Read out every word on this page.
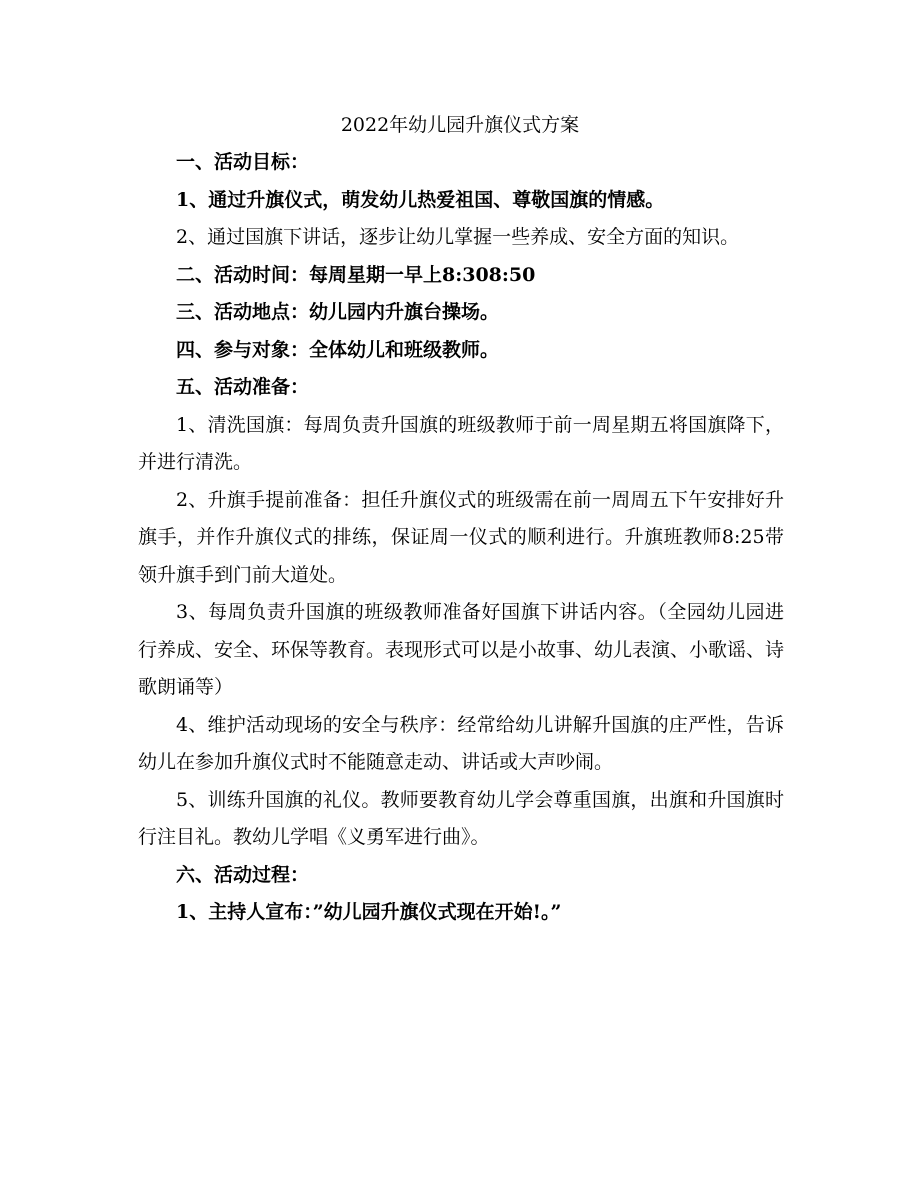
2022年幼儿园升旗仪式方案

一、活动目标：

1、通过升旗仪式，萌发幼儿热爱祖国、尊敬国旗的情感。

2、通过国旗下讲话，逐步让幼儿掌握一些养成、安全方面的知识。

二、活动时间：每周星期一早上8:308:50

三、活动地点：幼儿园内升旗台操场。

四、参与对象：全体幼儿和班级教师。

五、活动准备：

1、清洗国旗：每周负责升国旗的班级教师于前一周星期五将国旗降下，并进行清洗。

2、升旗手提前准备：担任升旗仪式的班级需在前一周周五下午安排好升旗手，并作升旗仪式的排练，保证周一仪式的顺利进行。升旗班教师8:25带领升旗手到门前大道处。

3、每周负责升国旗的班级教师准备好国旗下讲话内容。（全园幼儿园进行养成、安全、环保等教育。表现形式可以是小故事、幼儿表演、小歌谣、诗歌朗诵等）

4、维护活动现场的安全与秩序：经常给幼儿讲解升国旗的庄严性，告诉幼儿在参加升旗仪式时不能随意走动、讲话或大声吵闹。

5、训练升国旗的礼仪。教师要教育幼儿学会尊重国旗，出旗和升国旗时行注目礼。教幼儿学唱《义勇军进行曲》。

六、活动过程：

1、主持人宣布：”幼儿园升旗仪式现在开始!。”
